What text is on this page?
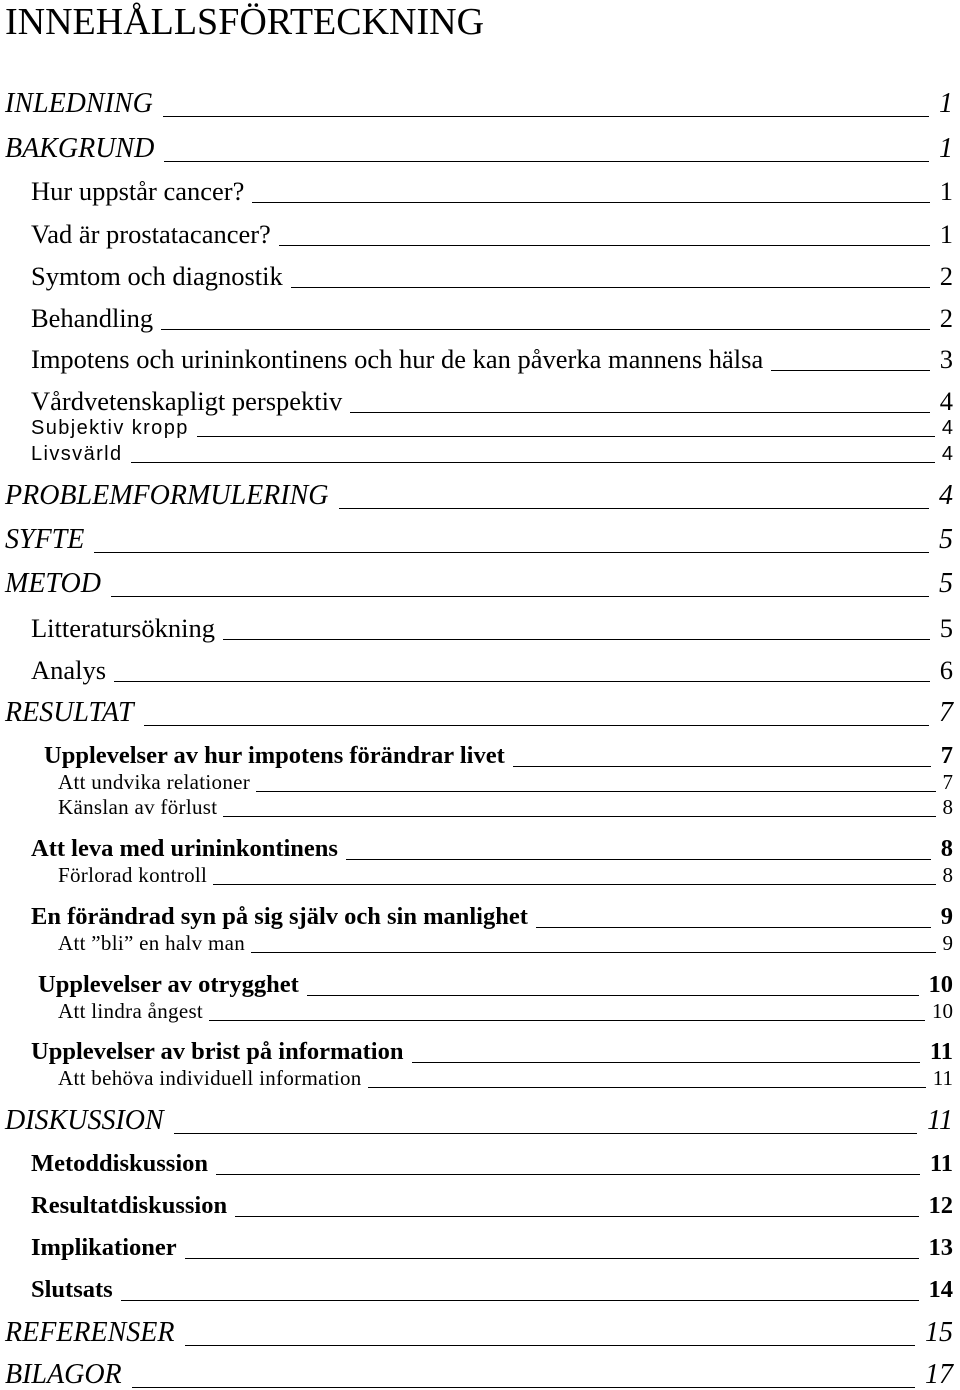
INNEHÅLLSFÖRTECKNING
INLEDNING	1
BAKGRUND	1
Hur uppstår cancer?	1
Vad är prostatacancer?	1
Symtom och diagnostik	2
Behandling	2
Impotens och urininkontinens och hur de kan påverka mannens hälsa	3
Vårdvetenskapligt perspektiv	4
Subjektiv kropp	4
Livsvärld	4
PROBLEMFORMULERING	4
SYFTE	5
METOD	5
Litteratursökning	5
Analys	6
RESULTAT	7
Upplevelser av hur impotens förändrar livet	7
Att undvika relationer	7
Känslan av förlust	8
Att leva med urininkontinens	8
Förlorad kontroll	8
En förändrad syn på sig själv och sin manlighet	9
Att ”bli” en halv man	9
Upplevelser av otrygghet	10
Att lindra ångest	10
Upplevelser av brist på information	11
Att behöva individuell information	11
DISKUSSION	11
Metoddiskussion	11
Resultatdiskussion	12
Implikationer	13
Slutsats	14
REFERENSER	15
BILAGOR	17
